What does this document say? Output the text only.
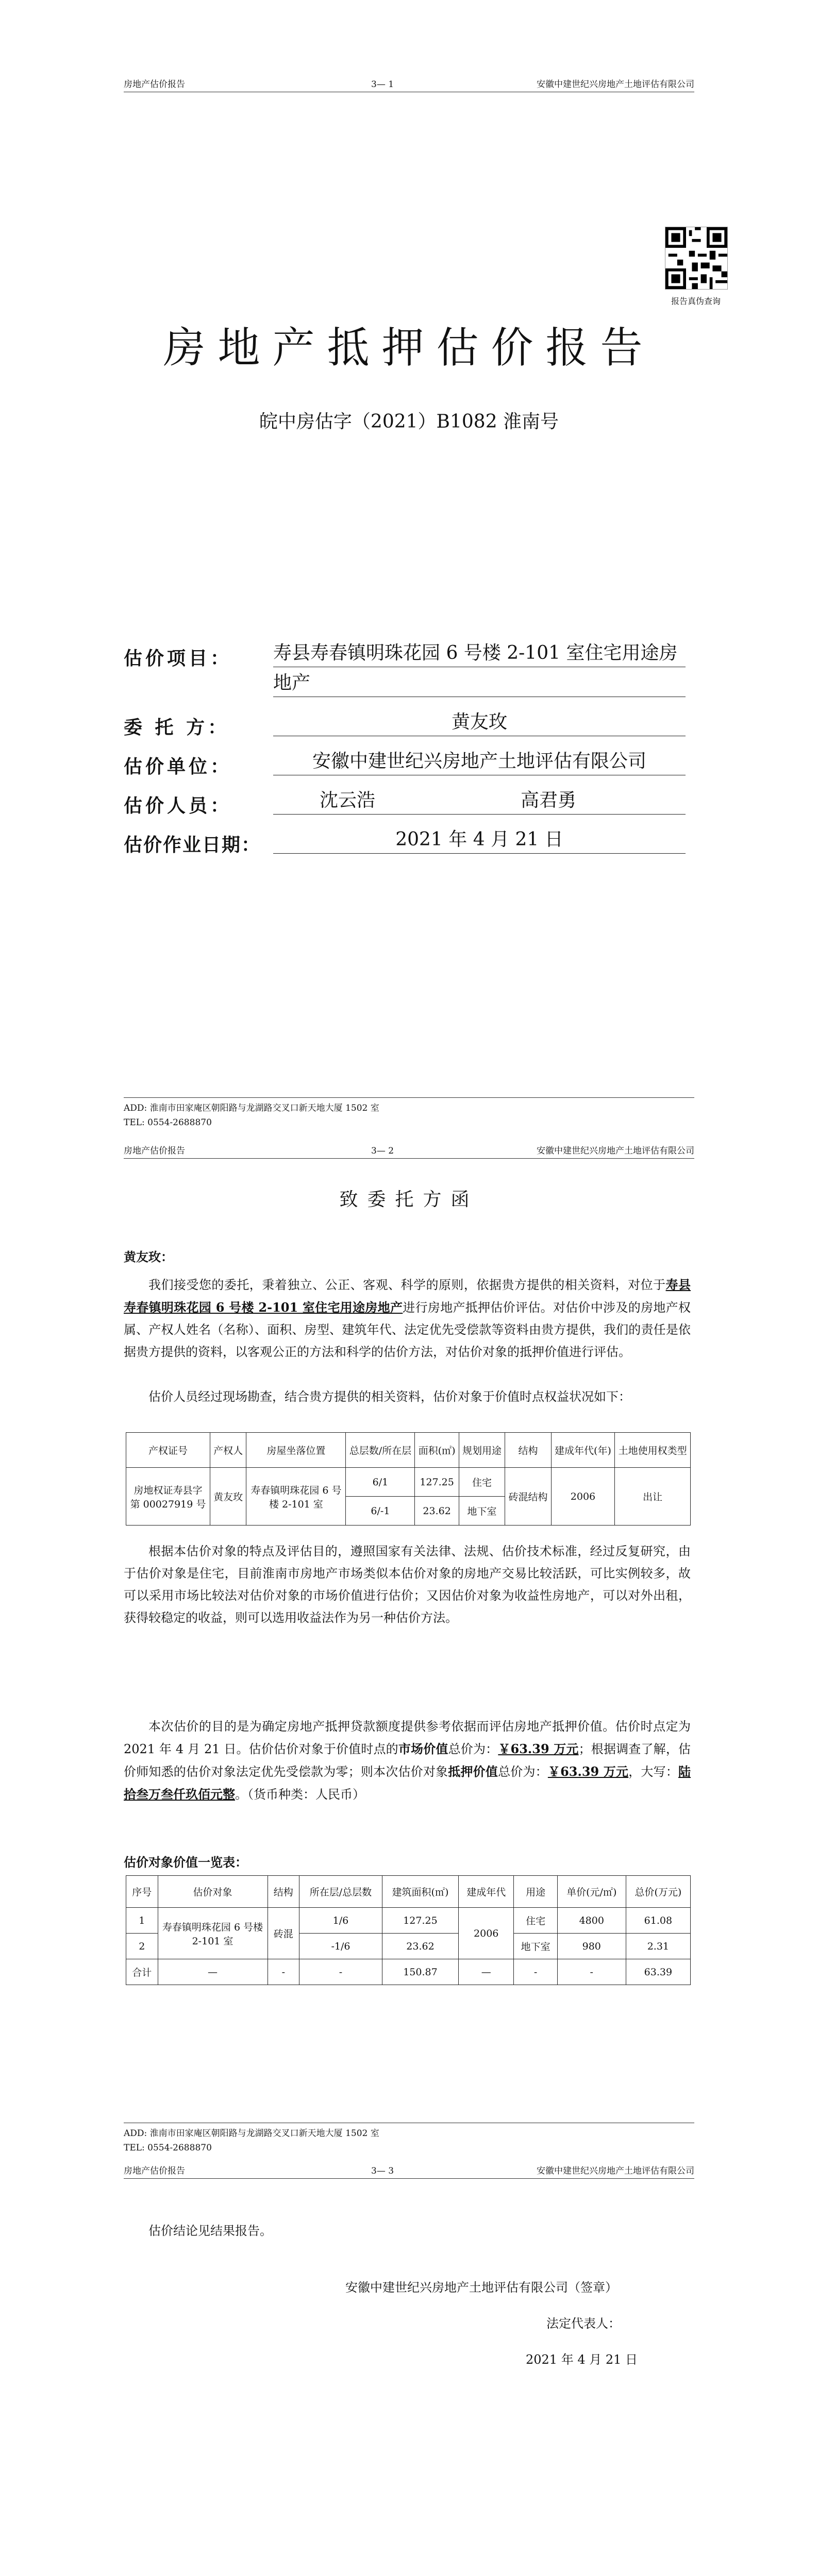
房地产估价报告	3— 1	安徽中建世纪兴房地产土地评估有限公司
报告真伪查询
房地产抵押估价报告
皖中房估字（2021）B1082 淮南号
估价项目： 寿县寿春镇明珠花园 6 号楼 2-101 室住宅用途房
地产
委 托 方：	黄友玫
估价单位：	安徽中建世纪兴房地产土地评估有限公司
估价人员：	沈云浩	高君勇

估价作业日期：	2021 年 4 月 21 日
ADD: 淮南市田家庵区朝阳路与龙湖路交叉口新天地大厦 1502 室
TEL: 0554-2688870
房地产估价报告	3— 2	安徽中建世纪兴房地产土地评估有限公司
致委托方函
黄友玫：
我们接受您的委托，秉着独立、公正、客观、科学的原则，依据贵方提供的相关资料，对位于寿县寿春镇明珠花园 6 号楼 2-101 室住宅用途房地产进行房地产抵押估价评估。对估价中涉及的房地产权属、产权人姓名（名称）、面积、房型、建筑年代、法定优先受偿款等资料由贵方提供，我们的责任是依据贵方提供的资料，以客观公正的方法和科学的估价方法，对估价对象的抵押价值进行评估。
估价人员经过现场勘查，结合贵方提供的相关资料，估价对象于价值时点权益状况如下：
产权证号	产权人	房屋坐落位置	总层数/所在层	面积(㎡)	规划用途	结构	建成年代(年)	土地使用权类型
房地权证寿县字第 00027919 号	黄友玫	寿春镇明珠花园 6 号楼 2-101 室	6/1	127.25	住宅	砖混结构	2006	出让
			6/-1	23.62	地下室			
根据本估价对象的特点及评估目的，遵照国家有关法律、法规、估价技术标准，经过反复研究，由于估价对象是住宅，目前淮南市房地产市场类似本估价对象的房地产交易比较活跃，可比实例较多，故可以采用市场比较法对估价对象的市场价值进行估价；又因估价对象为收益性房地产，可以对外出租，获得较稳定的收益，则可以选用收益法作为另一种估价方法。
本次估价的目的是为确定房地产抵押贷款额度提供参考依据而评估房地产抵押价值。估价时点定为 2021 年 4 月 21 日。估价估价对象于价值时点的市场价值总价为：￥63.39 万元；根据调查了解，估价师知悉的估价对象法定优先受偿款为零；则本次估价对象抵押价值总价为：￥63.39 万元，大写：陆拾叁万叁仟玖佰元整。（货币种类：人民币）
估价对象价值一览表：
序号	估价对象	结构	所在层/总层数	建筑面积(㎡)	建成年代	用途	单价(元/㎡)	总价(万元)
1	寿春镇明珠花园 6 号楼 2-101 室	砖混	1/6	127.25	2006	住宅	4800	61.08
2			-1/6	23.62		地下室	980	2.31
合计	—	-	-	150.87	—	-	-	63.39
ADD: 淮南市田家庵区朝阳路与龙湖路交叉口新天地大厦 1502 室
TEL: 0554-2688870
房地产估价报告	3— 3	安徽中建世纪兴房地产土地评估有限公司
估价结论见结果报告。
安徽中建世纪兴房地产土地评估有限公司（签章）
法定代表人：
2021 年 4 月 21 日
